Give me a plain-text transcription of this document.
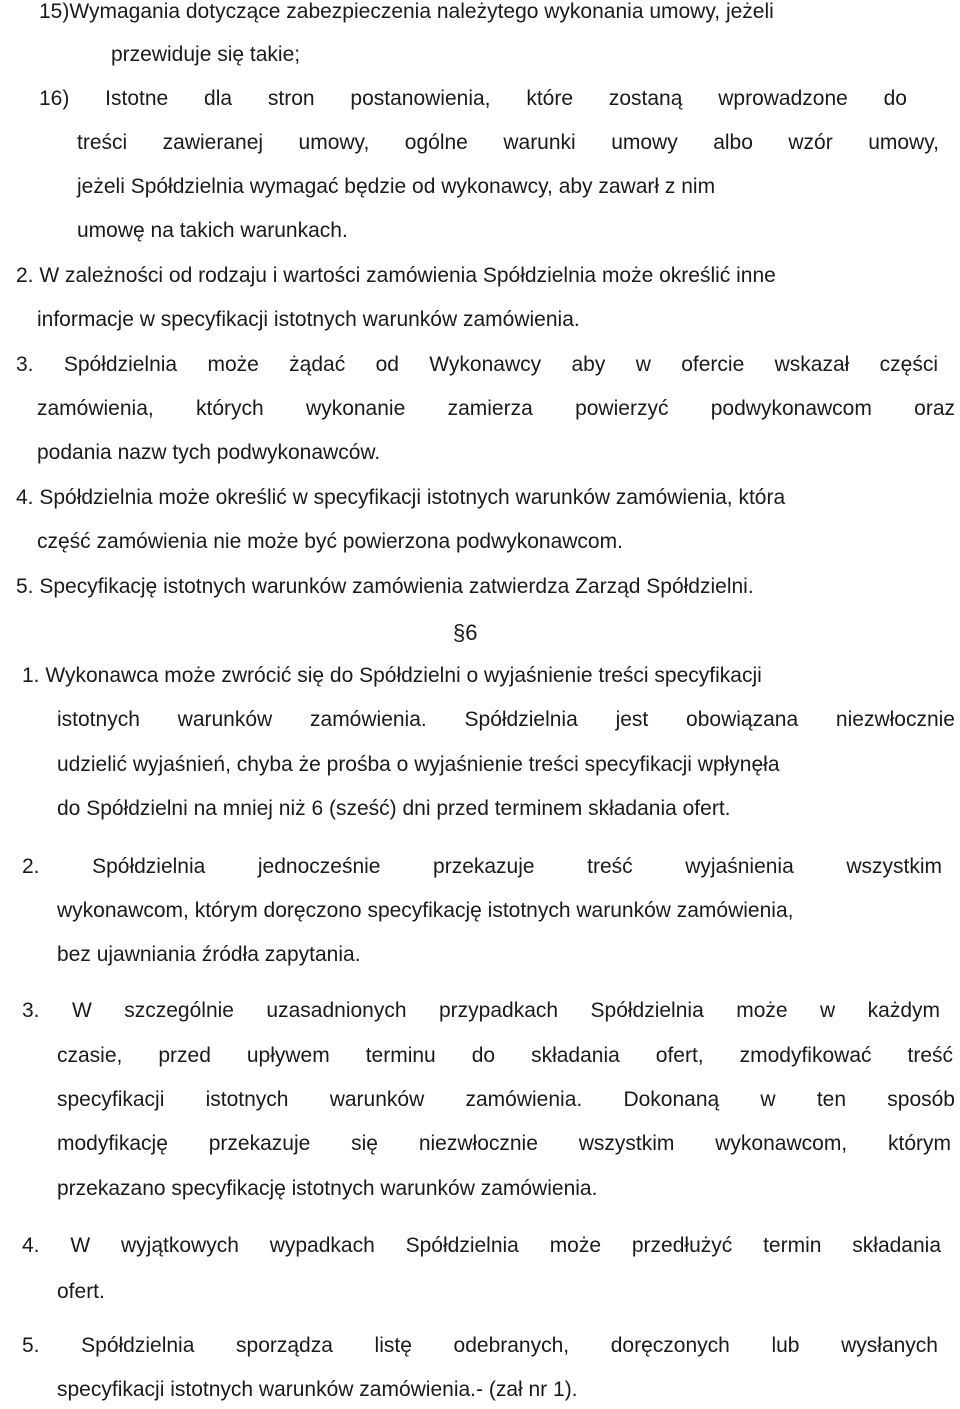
15)Wymagania dotyczące zabezpieczenia należytego wykonania umowy, jeżeli
przewiduje się takie;
16) Istotne dla stron postanowienia, które zostaną wprowadzone do
treści zawieranej umowy, ogólne warunki umowy albo wzór umowy,
jeżeli Spółdzielnia wymagać będzie od wykonawcy, aby zawarł z nim
umowę na takich warunkach.
2. W zależności od rodzaju i wartości zamówienia Spółdzielnia może określić inne
informacje w specyfikacji istotnych warunków zamówienia.
3. Spółdzielnia może żądać od Wykonawcy aby w ofercie wskazał części
zamówienia, których wykonanie zamierza powierzyć podwykonawcom oraz
podania nazw tych podwykonawców.
4. Spółdzielnia może określić w specyfikacji istotnych warunków zamówienia, która
część zamówienia nie może być powierzona podwykonawcom.
5. Specyfikację istotnych warunków zamówienia zatwierdza Zarząd Spółdzielni.
§6
1. Wykonawca może zwrócić się do Spółdzielni o wyjaśnienie treści specyfikacji
istotnych warunków zamówienia. Spółdzielnia jest obowiązana niezwłocznie
udzielić wyjaśnień, chyba że prośba o wyjaśnienie treści specyfikacji wpłynęła
do Spółdzielni na mniej niż 6 (sześć) dni przed terminem składania ofert.
2. Spółdzielnia jednocześnie przekazuje treść wyjaśnienia wszystkim
wykonawcom, którym doręczono specyfikację istotnych warunków zamówienia,
bez ujawniania źródła zapytania.
3. W szczególnie uzasadnionych przypadkach Spółdzielnia może w każdym
czasie, przed upływem terminu do składania ofert, zmodyfikować treść
specyfikacji istotnych warunków zamówienia. Dokonaną w ten sposób
modyfikację przekazuje się niezwłocznie wszystkim wykonawcom, którym
przekazano specyfikację istotnych warunków zamówienia.
4. W wyjątkowych wypadkach Spółdzielnia może przedłużyć termin składania
ofert.
5. Spółdzielnia sporządza listę odebranych, doręczonych lub wysłanych
specyfikacji istotnych warunków zamówienia.- (zał nr 1).
